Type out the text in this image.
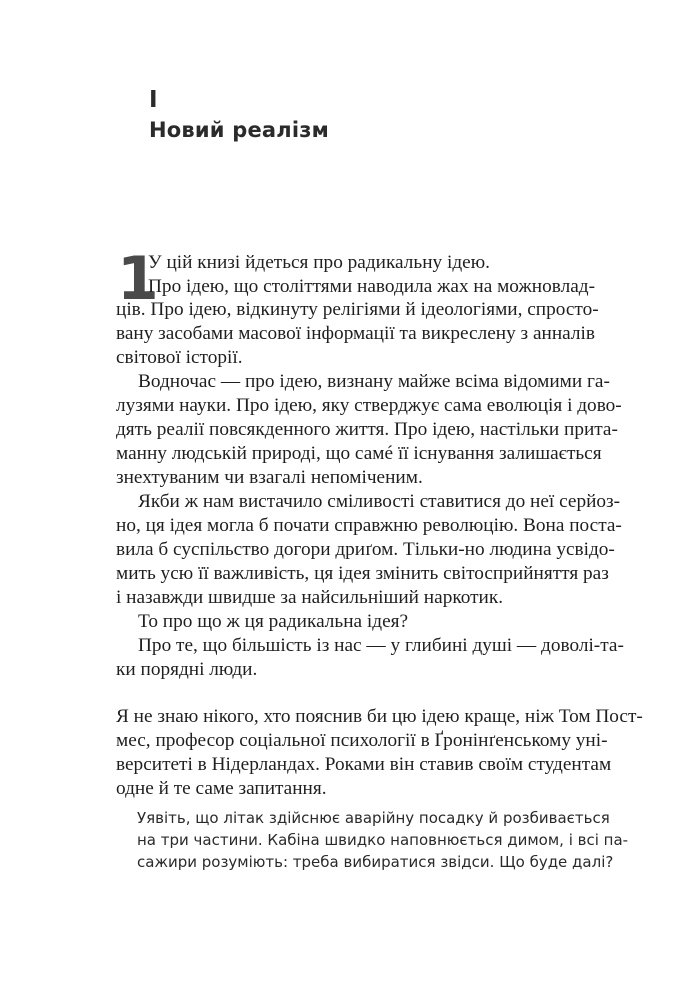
I
Новий реалізм
1
У цій книзі йдеться про радикальну ідею.
Про ідею, що століттями наводила жах на можновлад-
ців. Про ідею, відкинуту релігіями й ідеологіями, спросто-
вану засобами масової інформації та викреслену з анналів
світової історії.
Водночас — про ідею, визнану майже всіма відомими га-
лузями науки. Про ідею, яку стверджує сама еволюція і дово-
дять реалії повсякденного життя. Про ідею, настільки прита-
манну людській природі, що самé її існування залишається
знехтуваним чи взагалі непоміченим.
Якби ж нам вистачило сміливості ставитися до неї серйоз-
но, ця ідея могла б почати справжню революцію. Вона поста-
вила б суспільство догори дриґом. Тільки-но людина усвідо-
мить усю її важливість, ця ідея змінить світосприйняття раз
і назавжди швидше за найсильніший наркотик.
То про що ж ця радикальна ідея?
Про те, що більшість із нас — у глибині душі — доволі-та-
ки порядні люди.
Я не знаю нікого, хто пояснив би цю ідею краще, ніж Том Пост-
мес, професор соціальної психології в Ґронінґенському уні-
верситеті в Нідерландах. Роками він ставив своїм студентам
одне й те саме запитання.
Уявіть, що літак здійснює аварійну посадку й розбивається
на три частини. Кабіна швидко наповнюється димом, і всі па-
сажири розуміють: треба вибиратися звідси. Що буде далі?
